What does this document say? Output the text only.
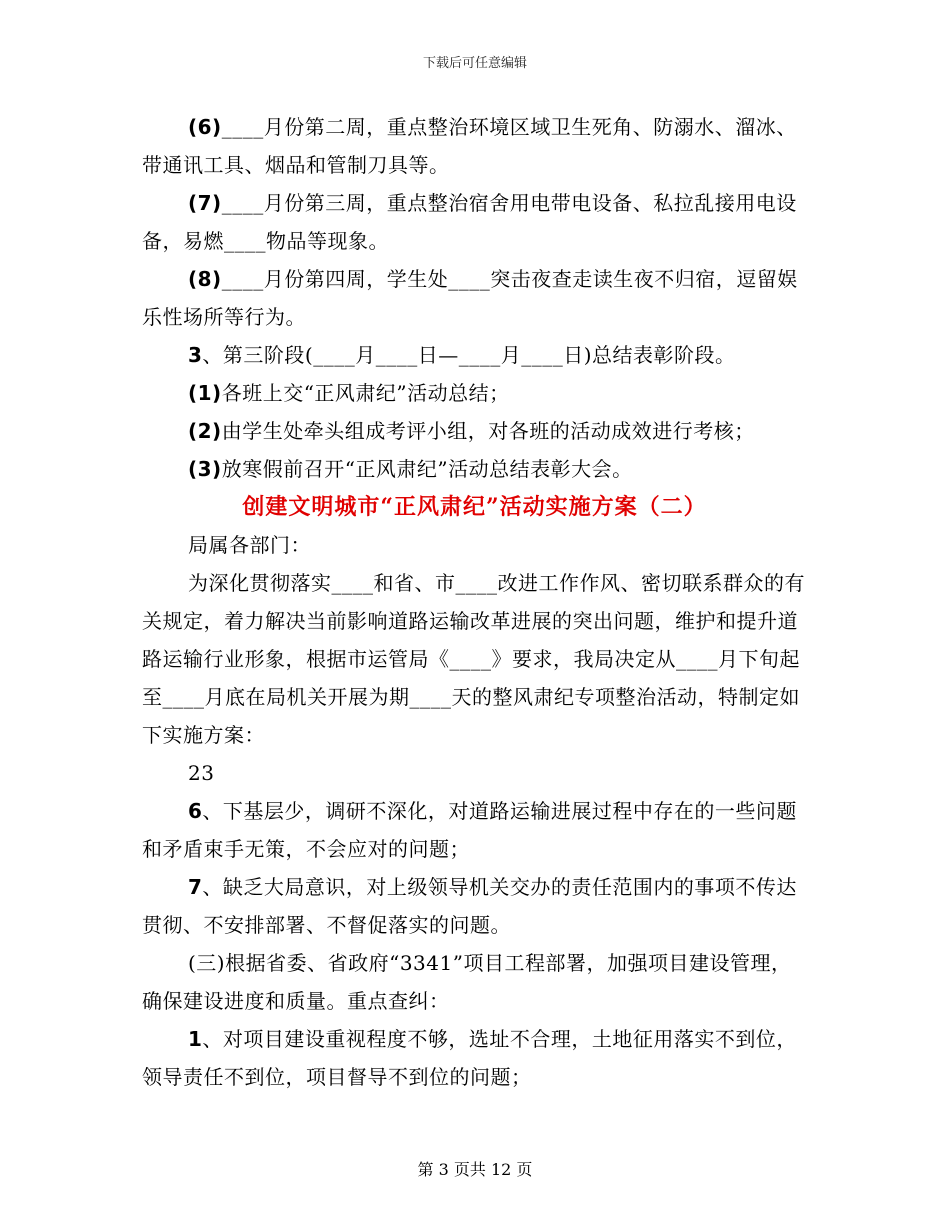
下载后可任意编辑

(6)____月份第二周，重点整治环境区域卫生死角、防溺水、溜冰、带通讯工具、烟品和管制刀具等。

(7)____月份第三周，重点整治宿舍用电带电设备、私拉乱接用电设备，易燃____物品等现象。

(8)____月份第四周，学生处____突击夜查走读生夜不归宿，逗留娱乐性场所等行为。

3、第三阶段(____月____日—____月____日)总结表彰阶段。

(1)各班上交“正风肃纪”活动总结；

(2)由学生处牵头组成考评小组，对各班的活动成效进行考核；

(3)放寒假前召开“正风肃纪”活动总结表彰大会。

创建文明城市“正风肃纪”活动实施方案（二）

局属各部门：

为深化贯彻落实____和省、市____改进工作作风、密切联系群众的有关规定，着力解决当前影响道路运输改革进展的突出问题，维护和提升道路运输行业形象，根据市运管局《____》要求，我局决定从____月下旬起至____月底在局机关开展为期____天的整风肃纪专项整治活动，特制定如下实施方案：

23

6、下基层少，调研不深化，对道路运输进展过程中存在的一些问题和矛盾束手无策，不会应对的问题；

7、缺乏大局意识，对上级领导机关交办的责任范围内的事项不传达贯彻、不安排部署、不督促落实的问题。

(三)根据省委、省政府“3341”项目工程部署，加强项目建设管理，确保建设进度和质量。重点查纠：

1、对项目建设重视程度不够，选址不合理，土地征用落实不到位，领导责任不到位，项目督导不到位的问题；

第 3 页共 12 页
